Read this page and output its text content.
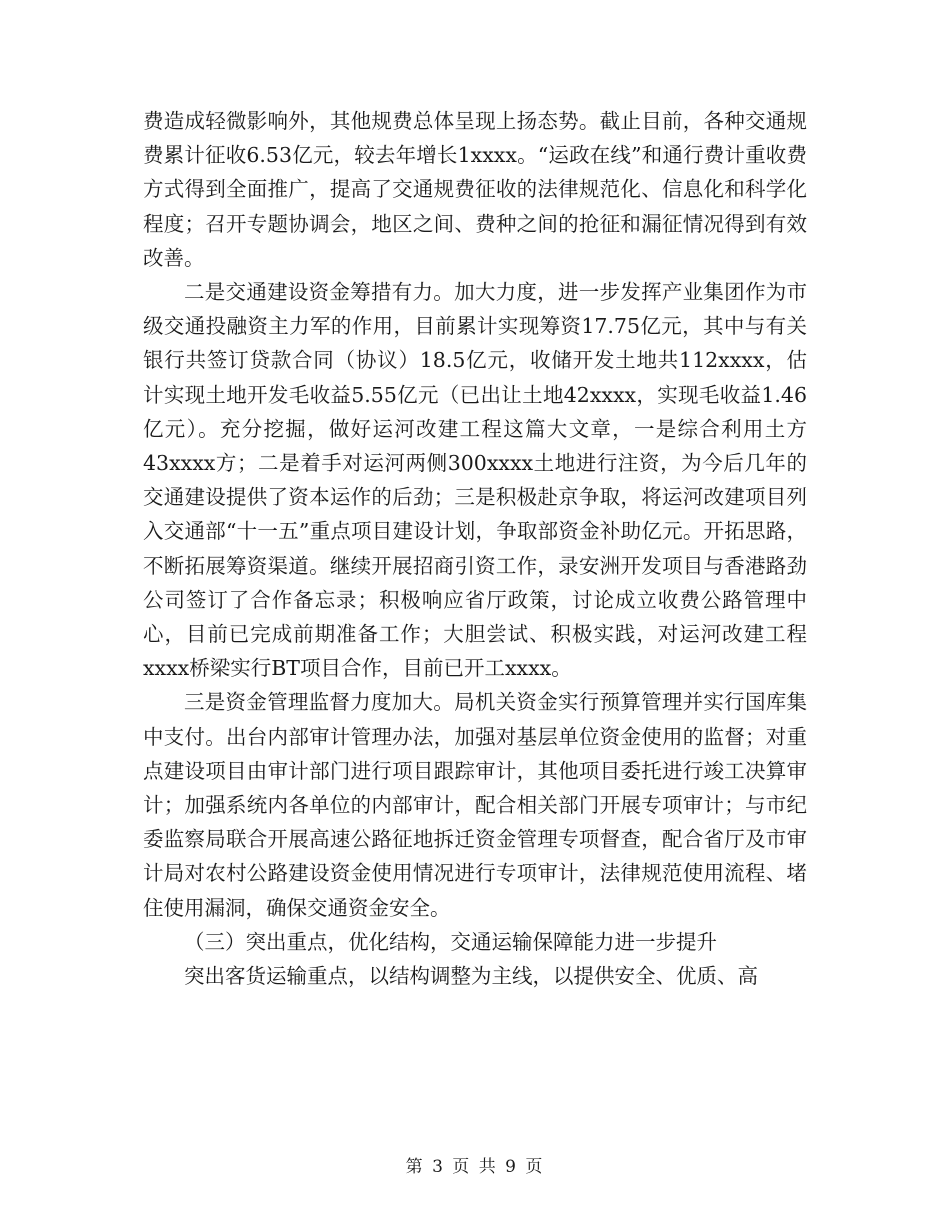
费造成轻微影响外，其他规费总体呈现上扬态势。截止目前，各种交通规费累计征收6.53亿元，较去年增长1xxxx。“运政在线”和通行费计重收费方式得到全面推广，提高了交通规费征收的法律规范化、信息化和科学化程度；召开专题协调会，地区之间、费种之间的抢征和漏征情况得到有效改善。

二是交通建设资金筹措有力。加大力度，进一步发挥产业集团作为市级交通投融资主力军的作用，目前累计实现筹资17.75亿元，其中与有关银行共签订贷款合同（协议）18.5亿元，收储开发土地共112xxxx，估计实现土地开发毛收益5.55亿元（已出让土地42xxxx，实现毛收益1.46亿元）。充分挖掘，做好运河改建工程这篇大文章，一是综合利用土方43xxxx方；二是着手对运河两侧300xxxx土地进行注资，为今后几年的交通建设提供了资本运作的后劲；三是积极赴京争取，将运河改建项目列入交通部“十一五”重点项目建设计划，争取部资金补助亿元。开拓思路，不断拓展筹资渠道。继续开展招商引资工作，录安洲开发项目与香港路劲公司签订了合作备忘录；积极响应省厅政策，讨论成立收费公路管理中心，目前已完成前期准备工作；大胆尝试、积极实践，对运河改建工程xxxx桥梁实行BT项目合作，目前已开工xxxx。

三是资金管理监督力度加大。局机关资金实行预算管理并实行国库集中支付。出台内部审计管理办法，加强对基层单位资金使用的监督；对重点建设项目由审计部门进行项目跟踪审计，其他项目委托进行竣工决算审计；加强系统内各单位的内部审计，配合相关部门开展专项审计；与市纪委监察局联合开展高速公路征地拆迁资金管理专项督查，配合省厅及市审计局对农村公路建设资金使用情况进行专项审计，法律规范使用流程、堵住使用漏洞，确保交通资金安全。

（三）突出重点，优化结构，交通运输保障能力进一步提升

突出客货运输重点，以结构调整为主线，以提供安全、优质、高

第 3 页 共 9 页
